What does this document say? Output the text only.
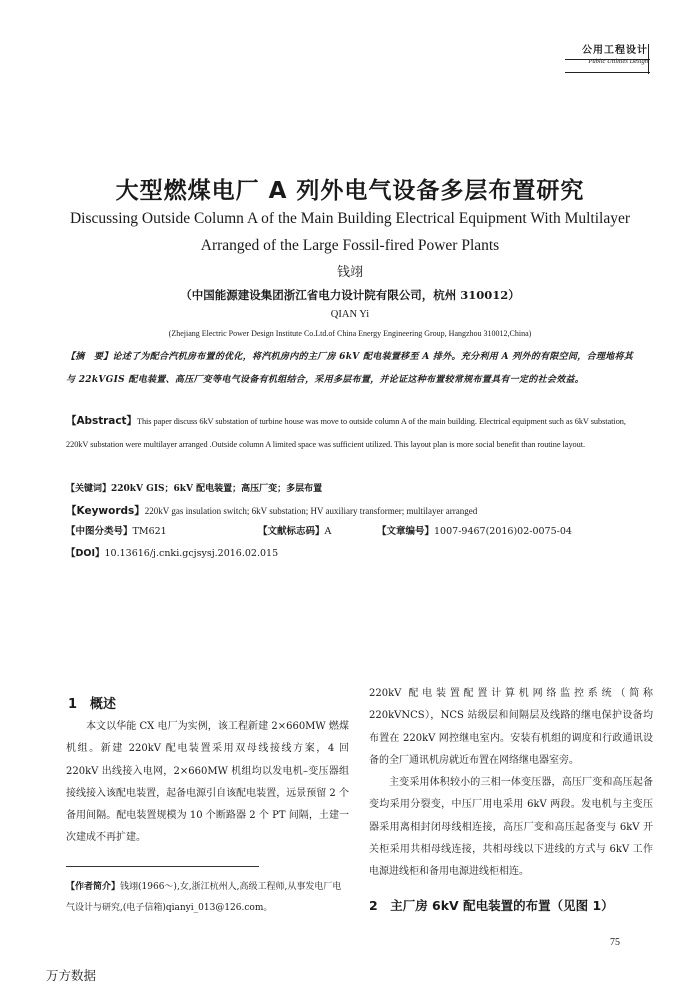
公用工程设计
Public Utilities Design
大型燃煤电厂 A 列外电气设备多层布置研究
Discussing Outside Column A of the Main Building Electrical Equipment With Multilayer Arranged of the Large Fossil-fired Power Plants
钱翊
（中国能源建设集团浙江省电力设计院有限公司，杭州 310012）
QIAN Yi
(Zhejiang Electric Power Design Institute Co.Ltd.of China Energy Engineering Group, Hangzhou 310012,China)
【摘　要】论述了为配合汽机房布置的优化，将汽机房内的主厂房 6kV 配电装置移至 A 排外。充分利用 A 列外的有限空间，合理地将其与 22kVGIS 配电装置、高压厂变等电气设备有机组结合，采用多层布置，并论证这种布置较常规布置具有一定的社会效益。
【Abstract】This paper discuss 6kV substation of turbine house was move to outside column A of the main building. Electrical equipment such as 6kV substation, 220kV substation were multilayer arranged .Outside column A limited space was sufficient utilized. This layout plan is more social benefit than routine layout.
【关键词】220kV GIS；6kV 配电装置；高压厂变；多层布置
【Keywords】220kV gas insulation switch; 6kV substation; HV auxiliary transformer; multilayer arranged
【中图分类号】TM621	【文献标志码】A	【文章编号】1007-9467(2016)02-0075-04
【DOI】10.13616/j.cnki.gcjsysj.2016.02.015
1　概述

本文以华能 CX 电厂为实例，该工程新建 2×660MW 燃煤机组。新建 220kV 配电装置采用双母线接线方案，4 回 220kV 出线接入电网，2×660MW 机组均以发电机–变压器组接线接入该配电装置，起备电源引自该配电装置，远景预留 2 个备用间隔。配电装置规模为 10 个断路器 2 个 PT 间隔，土建一次建成不再扩建。

【作者简介】钱翊(1966～),女,浙江杭州人,高级工程师,从事发电厂电气设计与研究,(电子信箱)qianyi_013@126.com。

220kV 配电装置配置计算机网络监控系统（简称 220kVNCS），NCS 站级层和间隔层及线路的继电保护设备均布置在 220kV 网控继电室内。安装有机组的调度和行政通讯设备的全厂通讯机房就近布置在网络继电器室旁。

主变采用体积较小的三相一体变压器，高压厂变和高压起备变均采用分裂变，中压厂用电采用 6kV 两段。发电机与主变压器采用离相封闭母线相连接，高压厂变和高压起备变与 6kV 开关柜采用共相母线连接，共相母线以下进线的方式与 6kV 工作电源进线柜和备用电源进线柜相连。

2　主厂房 6kV 配电装置的布置（见图 1）
75
万方数据
